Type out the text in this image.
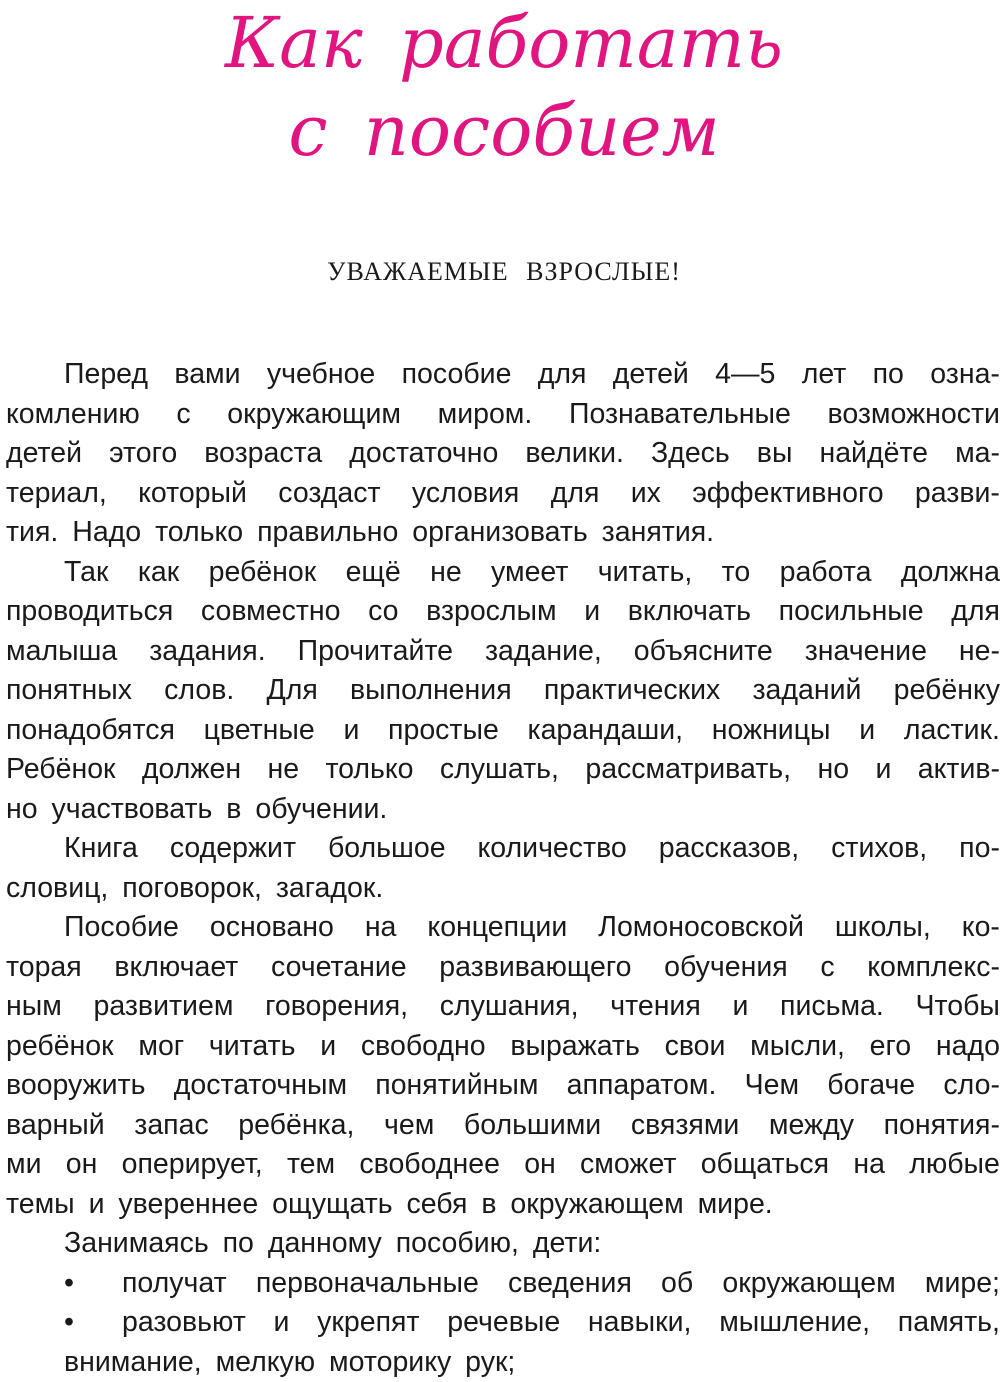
Как работать
с пособием
УВАЖАЕМЫЕ ВЗРОСЛЫЕ!
Перед вами учебное пособие для детей 4—5 лет по озна-
комлению с окружающим миром. Познавательные возможности
детей этого возраста достаточно велики. Здесь вы найдёте ма-
териал, который создаст условия для их эффективного разви-
тия. Надо только правильно организовать занятия.
Так как ребёнок ещё не умеет читать, то работа должна
проводиться совместно со взрослым и включать посильные для
малыша задания. Прочитайте задание, объясните значение не-
понятных слов. Для выполнения практических заданий ребёнку
понадобятся цветные и простые карандаши, ножницы и ластик.
Ребёнок должен не только слушать, рассматривать, но и актив-
но участвовать в обучении.
Книга содержит большое количество рассказов, стихов, по-
словиц, поговорок, загадок.
Пособие основано на концепции Ломоносовской школы, ко-
торая включает сочетание развивающего обучения с комплекс-
ным развитием говорения, слушания, чтения и письма. Чтобы
ребёнок мог читать и свободно выражать свои мысли, его надо
вооружить достаточным понятийным аппаратом. Чем богаче сло-
варный запас ребёнка, чем большими связями между понятия-
ми он оперирует, тем свободнее он сможет общаться на любые
темы и увереннее ощущать себя в окружающем мире.
Занимаясь по данному пособию, дети:
•	получат первоначальные сведения об окружающем мире;
•	разовьют и укрепят речевые навыки, мышление, память,
внимание, мелкую моторику рук;
